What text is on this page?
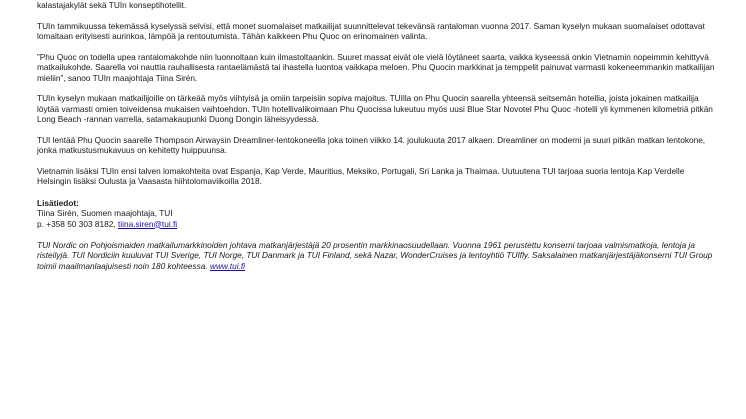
kalastajakylät sekä TUIn konseptihotellit.

TUIn tammikuussa tekemässä kyselyssä selvisi, että monet suomalaiset matkailijat suunnittelevat tekevänsä rantaloman vuonna 2017. Saman kyselyn mukaan suomalaiset odottavat lomaltaan erityisesti aurinkoa, lämpöä ja rentoutumista. Tähän kaikkeen Phu Quoc on erinomainen valinta.

”Phu Quoc on todella upea rantalomakohde niin luonnoltaan kuin ilmastoltaankin. Suuret massat eivät ole vielä löytäneet saarta, vaikka kyseessä onkin Vietnamin nopeimmin kehittyvä matkailukohde. Saarella voi nauttia rauhallisesta rantaelämästä tai ihastella luontoa vaikkapa meloen. Phu Quocin markkinat ja temppelit painuvat varmasti kokeneemmankin matkailijan mieliin”, sanoo TUIn maajohtaja Tiina Sirén.

TUIn kyselyn mukaan matkailijoille on tärkeää myös viihtyisä ja omiin tarpeisiin sopiva majoitus. TUIlla on Phu Quocin saarella yhteensä seitsemän hotellia, joista jokainen matkailija löytää varmasti omien toiveidensa mukaisen vaihtoehdon. TUIn hotellivalikoimaan Phu Quocissa lukeutuu myös uusi Blue Star Novotel Phu Quoc -hotelli yli kymmenen kilometriä pitkän Long Beach -rannan varrella, satamakaupunki Duong Dongin läheisyydessä.

TUI lentää Phu Quocin saarelle Thompson Airwaysin Dreamliner-lentokoneella joka toinen viikko 14. joulukuuta 2017 alkaen. Dreamliner on moderni ja suuri pitkän matkan lentokone, jonka matkustusmukavuus on kehitetty huippuunsa.

Vietnamin lisäksi TUIn ensi talven lomakohteita ovat Espanja, Kap Verde, Mauritius, Meksiko, Portugali, Sri Lanka ja Thaimaa. Uutuutena TUI tarjoaa suoria lentoja Kap Verdelle Helsingin lisäksi Oulusta ja Vaasasta hiihtolomaviikoilla 2018.

Lisätiedot:

Tiina Sirén, Suomen maajohtaja, TUI

p. +358 50 303 8182, tiina.siren@tui.fi

TUI Nordic on Pohjoismaiden matkailumarkkinoiden johtava matkanjärjestäjä 20 prosentin markkinaosuudellaan. Vuonna 1961 perustettu konserni tarjoaa valmismatkoja, lentoja ja risteilyjä. TUI Nordiciin kuuluvat TUI Sverige, TUI Norge, TUI Danmark ja TUI Finland, sekä Nazar, WonderCruises ja lentoyhtiö TUIfly. Saksalainen matkanjärjestäjäkonserni TUI Group toimii maailmanlaajuisesti noin 180 kohteessa. www.tui.fi
